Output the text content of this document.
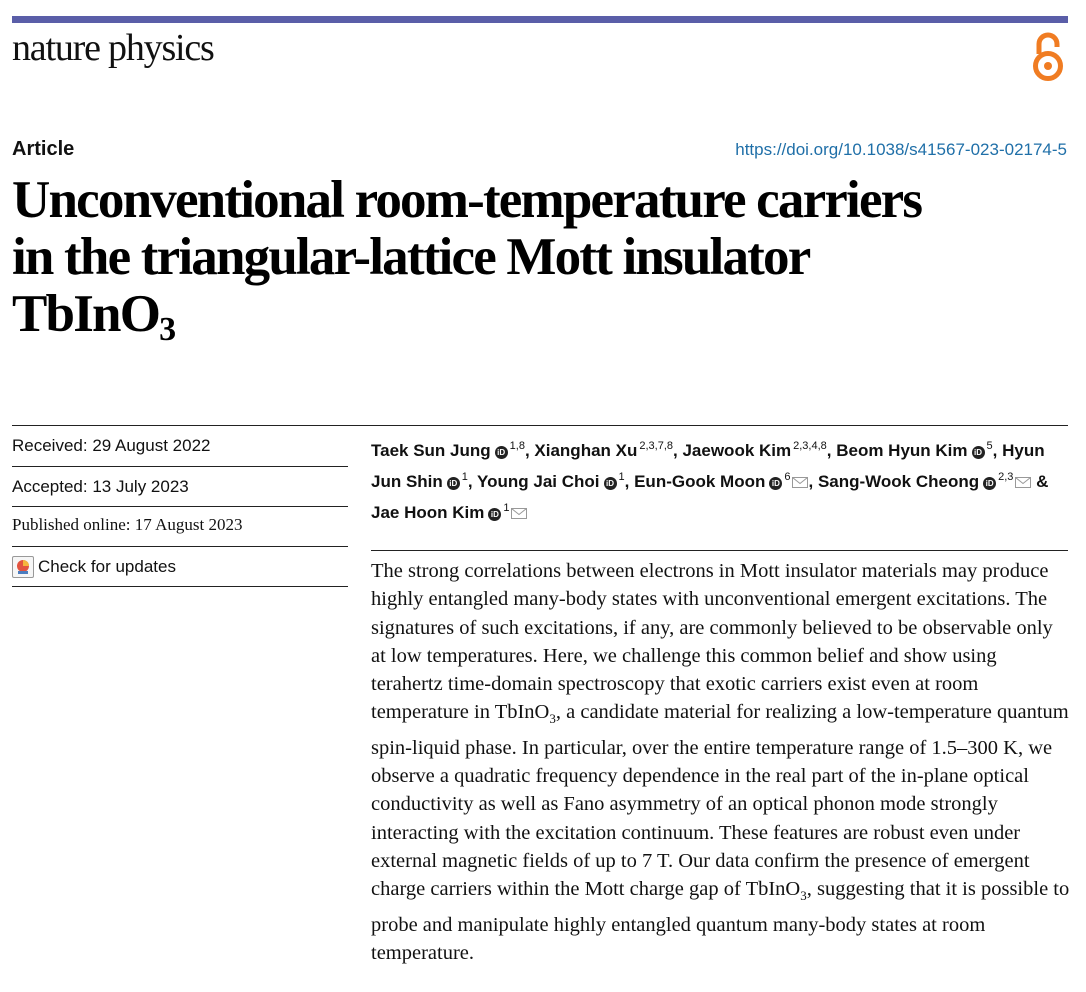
nature physics
Article	https://doi.org/10.1038/s41567-023-02174-5
Unconventional room-temperature carriers
in the triangular-lattice Mott insulator
TbInO$_3$
Received: 29 August 2022
Accepted: 13 July 2023
Published online: 17 August 2023
Check for updates
Taek Sun Jung iD$^{1,8}$, Xianghan Xu $^{2,3,7,8}$, Jaewook Kim $^{2,3,4,8}$, Beom Hyun Kim iD$^5$, Hyun Jun Shin iD$^1$, Young Jai Choi iD$^1$, Eun-Gook Moon iD$^6$ , Sang-Wook Cheong iD$^{2,3}$ & Jae Hoon Kim iD$^1$

The strong correlations between electrons in Mott insulator materials may produce highly entangled many-body states with unconventional emergent excitations. The signatures of such excitations, if any, are commonly believed to be observable only at low temperatures. Here, we challenge this common belief and show using terahertz time-domain spectroscopy that exotic carriers exist even at room temperature in TbInO$_3$, a candidate material for realizing a low-temperature quantum spin-liquid phase. In particular, over the entire temperature range of 1.5–300 K, we observe a quadratic frequency dependence in the real part of the in-plane optical conductivity as well as Fano asymmetry of an optical phonon mode strongly interacting with the excitation continuum. These features are robust even under external magnetic fields of up to 7 T. Our data confirm the presence of emergent charge carriers within the Mott charge gap of TbInO$_3$, suggesting that it is possible to probe and manipulate highly entangled quantum many-body states at room temperature.
